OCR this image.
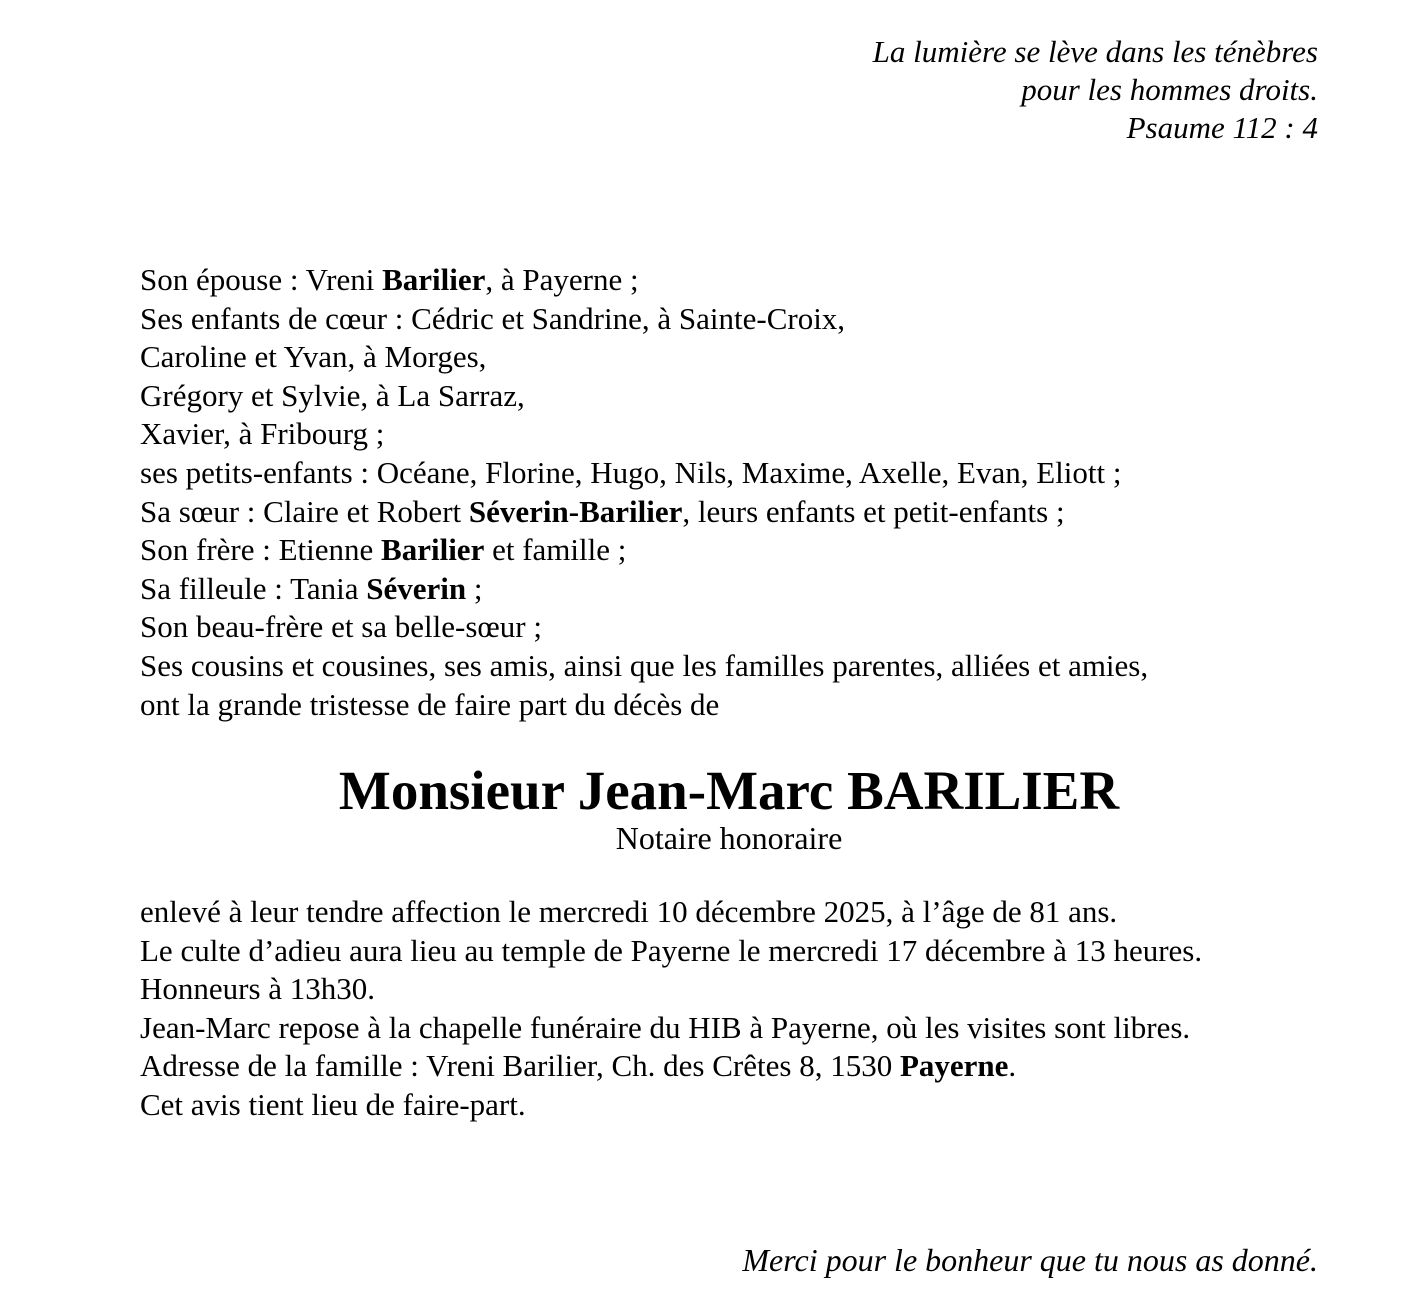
La lumière se lève dans les ténèbres
pour les hommes droits.
Psaume 112 : 4

Son épouse : Vreni Barilier, à Payerne ;

Ses enfants de cœur : Cédric et Sandrine, à Sainte-Croix,

Caroline et Yvan, à Morges,

Grégory et Sylvie, à La Sarraz,

Xavier, à Fribourg ;

ses petits-enfants : Océane, Florine, Hugo, Nils, Maxime, Axelle, Evan, Eliott ;

Sa sœur : Claire et Robert Séverin-Barilier, leurs enfants et petit-enfants ;

Son frère : Etienne Barilier et famille ;

Sa filleule : Tania Séverin ;

Son beau-frère et sa belle-sœur ;

Ses cousins et cousines, ses amis, ainsi que les familles parentes, alliées et amies,

ont la grande tristesse de faire part du décès de

Monsieur Jean-Marc BARILIER

Notaire honoraire

enlevé à leur tendre affection le mercredi 10 décembre 2025, à l’âge de 81 ans.

Le culte d’adieu aura lieu au temple de Payerne le mercredi 17 décembre à 13 heures.

Honneurs à 13h30.

Jean-Marc repose à la chapelle funéraire du HIB à Payerne, où les visites sont libres.

Adresse de la famille : Vreni Barilier, Ch. des Crêtes 8, 1530 Payerne.

Cet avis tient lieu de faire-part.

Merci pour le bonheur que tu nous as donné.
